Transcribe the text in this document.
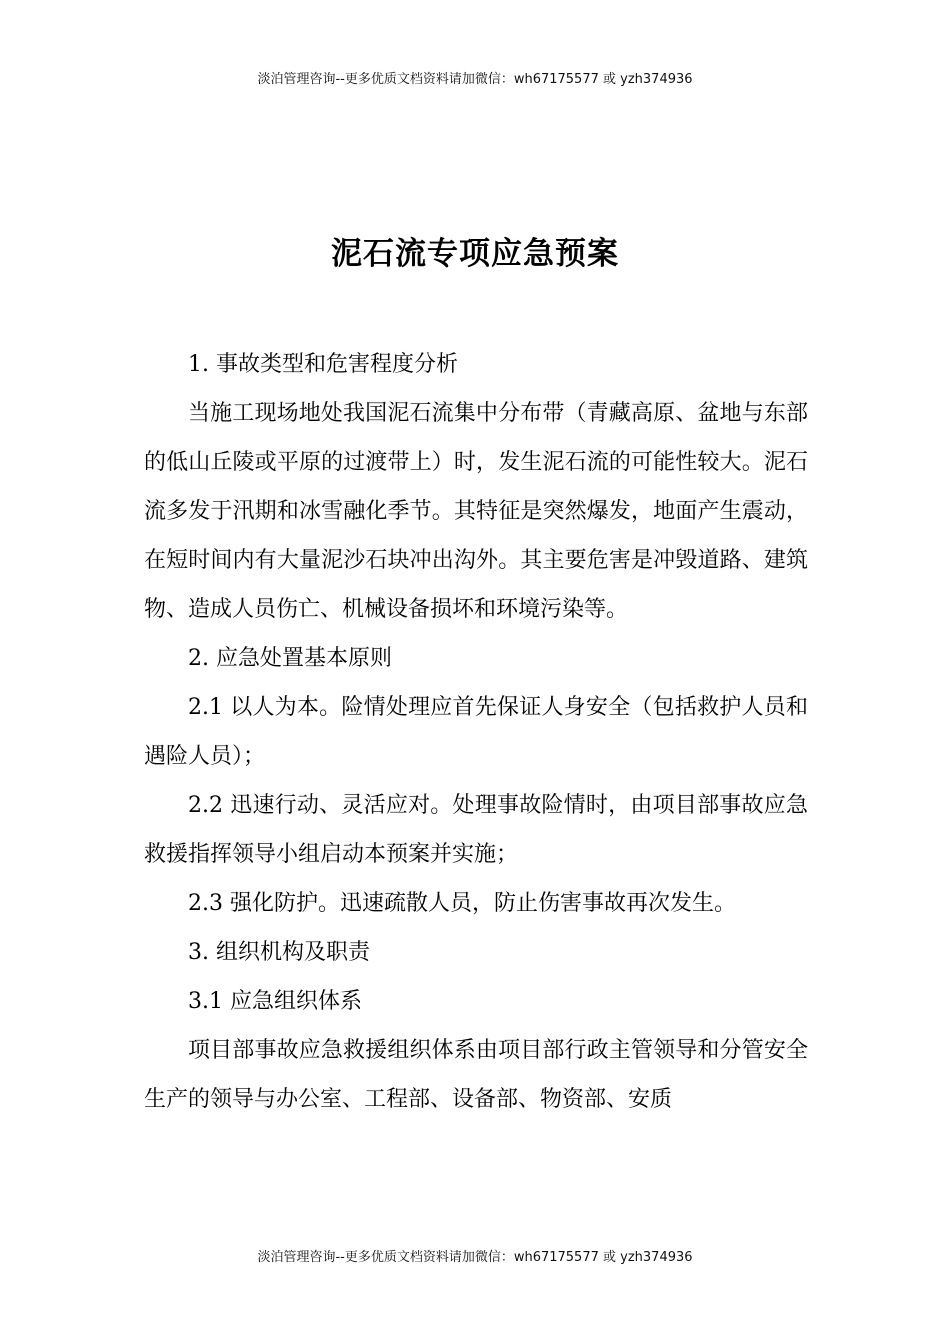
淡泊管理咨询--更多优质文档资料请加微信：wh67175577 或 yzh374936
泥石流专项应急预案

1. 事故类型和危害程度分析

当施工现场地处我国泥石流集中分布带（青藏高原、盆地与东部的低山丘陵或平原的过渡带上）时，发生泥石流的可能性较大。泥石流多发于汛期和冰雪融化季节。其特征是突然爆发，地面产生震动，在短时间内有大量泥沙石块冲出沟外。其主要危害是冲毁道路、建筑物、造成人员伤亡、机械设备损坏和环境污染等。

2. 应急处置基本原则

2.1 以人为本。险情处理应首先保证人身安全（包括救护人员和遇险人员）；

2.2 迅速行动、灵活应对。处理事故险情时，由项目部事故应急救援指挥领导小组启动本预案并实施；

2.3 强化防护。迅速疏散人员，防止伤害事故再次发生。

3. 组织机构及职责

3.1 应急组织体系

项目部事故应急救援组织体系由项目部行政主管领导和分管安全生产的领导与办公室、工程部、设备部、物资部、安质

淡泊管理咨询--更多优质文档资料请加微信：wh67175577 或 yzh374936
